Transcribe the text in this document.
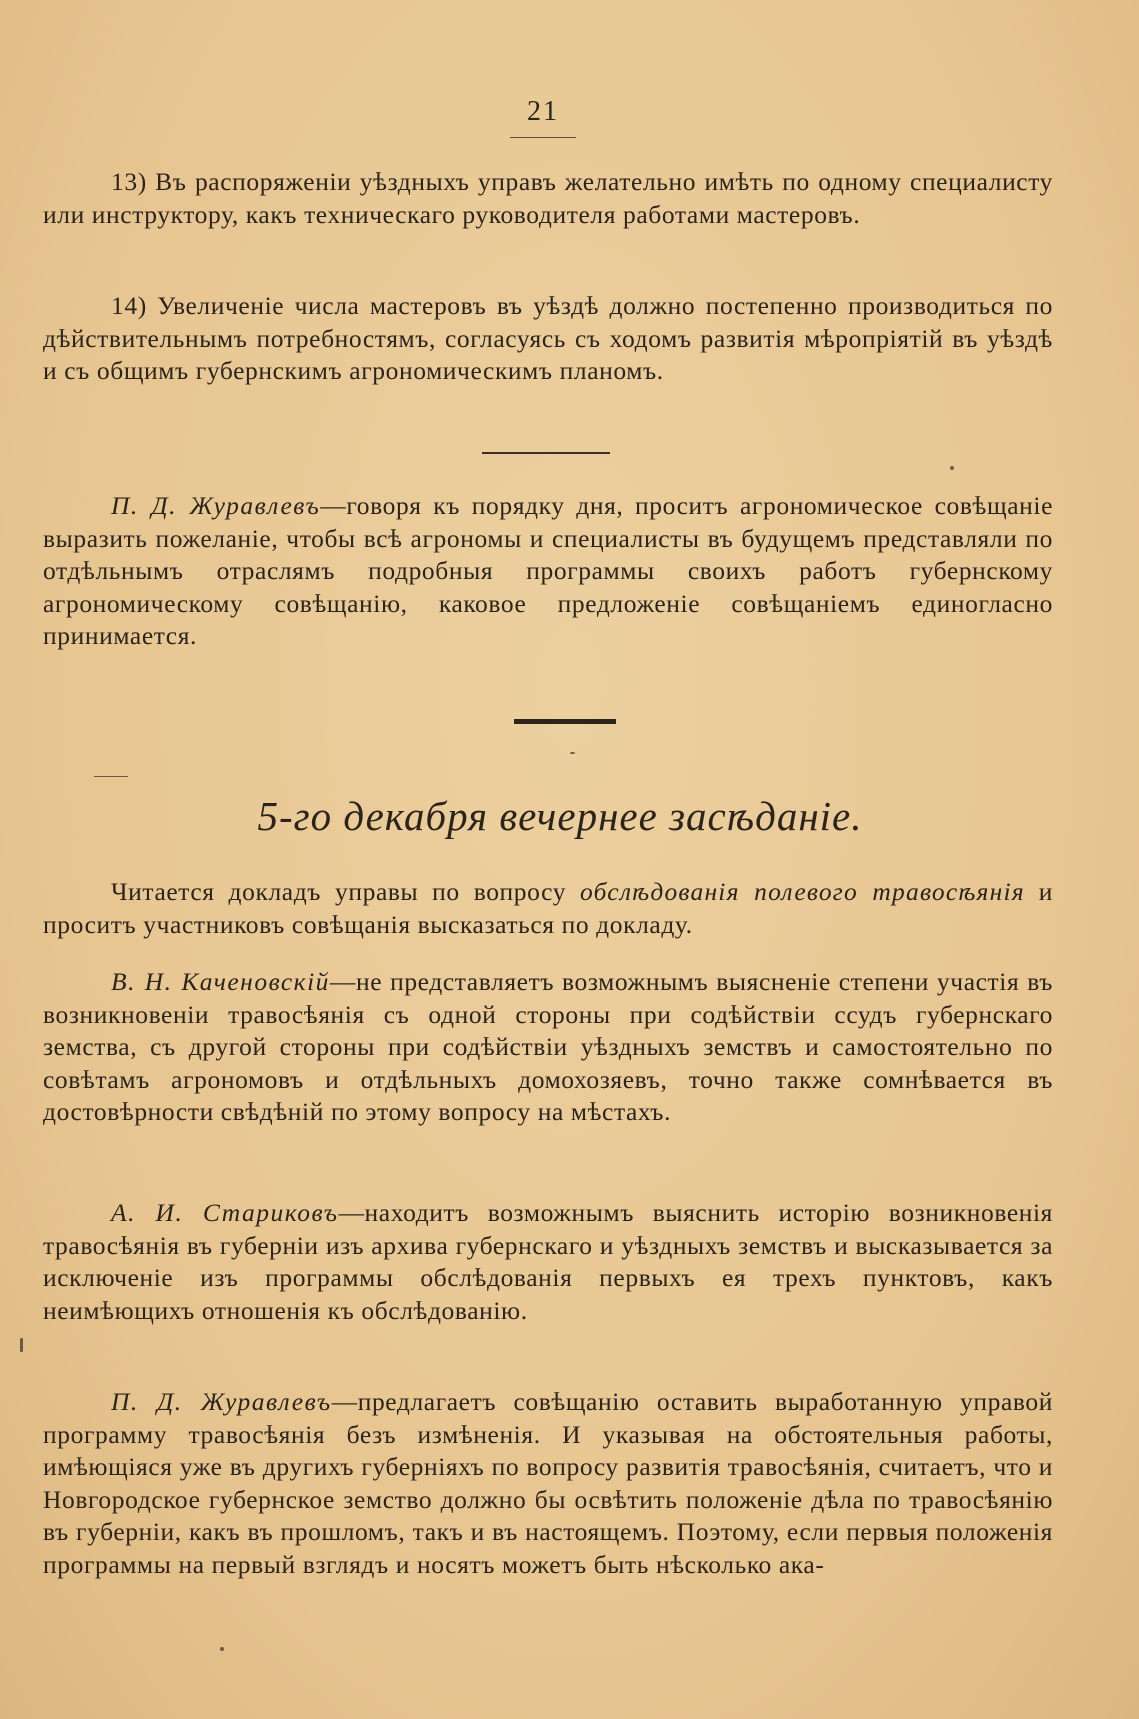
21

13) Въ распоряженіи уѣздныхъ управъ желательно имѣть по одному специалисту или инструктору, какъ техническаго руководителя работами мастеровъ.

14) Увеличеніе числа мастеровъ въ уѣздѣ должно постепенно производиться по дѣйствительнымъ потребностямъ, согласуясь съ ходомъ развитія мѣропріятій въ уѣздѣ и съ общимъ губернскимъ агрономическимъ планомъ.

П. Д. Журавлевъ—говоря къ порядку дня, проситъ агрономическое совѣщаніе выразить пожеланіе, чтобы всѣ агрономы и специалисты въ будущемъ представляли по отдѣльнымъ отраслямъ подробныя программы своихъ работъ губернскому агрономическому совѣщанію, каковое предложеніе совѣщаніемъ единогласно принимается.

5-го декабря вечернее засѣданіе.

Читается докладъ управы по вопросу обслѣдованія полевого травосѣянія и проситъ участниковъ совѣщанія высказаться по докладу.

В. Н. Каченовскій—не представляетъ возможнымъ выясненіе степени участія въ возникновеніи травосѣянія съ одной стороны при содѣйствіи ссудъ губернскаго земства, съ другой стороны при содѣйствіи уѣздныхъ земствъ и самостоятельно по совѣтамъ агрономовъ и отдѣльныхъ домохозяевъ, точно также сомнѣвается въ достовѣрности свѣдѣній по этому вопросу на мѣстахъ.

А. И. Стариковъ—находитъ возможнымъ выяснить исторію возникновенія травосѣянія въ губерніи изъ архива губернскаго и уѣздныхъ земствъ и высказывается за исключеніе изъ программы обслѣдованія первыхъ ея трехъ пунктовъ, какъ неимѣющихъ отношенія къ обслѣдованію.

П. Д. Журавлевъ—предлагаетъ совѣщанію оставить выработанную управой программу травосѣянія безъ измѣненія. И указывая на обстоятельныя работы, имѣющіяся уже въ другихъ губерніяхъ по вопросу развитія травосѣянія, считаетъ, что и Новгородское губернское земство должно бы освѣтить положеніе дѣла по травосѣянію въ губерніи, какъ въ прошломъ, такъ и въ настоящемъ. Поэтому, если первыя положенія программы на первый взглядъ и носятъ можетъ быть нѣсколько ака-
